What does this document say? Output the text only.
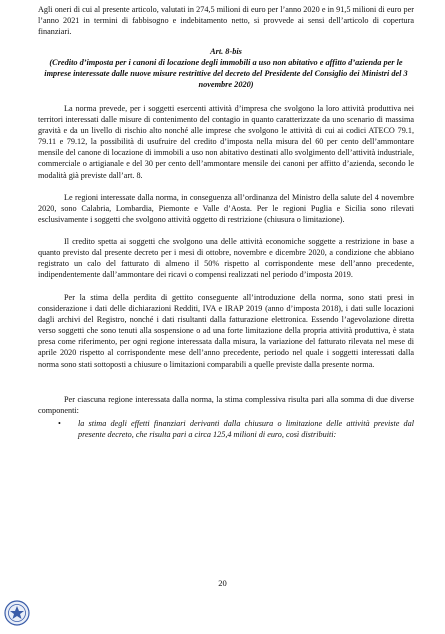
Agli oneri di cui al presente articolo, valutati in 274,5 milioni di euro per l’anno 2020 e in 91,5 milioni di euro per l’anno 2021 in termini di fabbisogno e indebitamento netto, si provvede ai sensi dell’articolo di copertura finanziari.

Art. 8-bis
(Credito d’imposta per i canoni di locazione degli immobili a uso non abitativo e affitto d’azienda per le imprese interessate dalle nuove misure restrittive del decreto del Presidente del Consiglio dei Ministri del 3 novembre 2020)

La norma prevede, per i soggetti esercenti attività d’impresa che svolgono la loro attività produttiva nei territori interessati dalle misure di contenimento del contagio in quanto caratterizzate da uno scenario di massima gravità e da un livello di rischio alto nonché alle imprese che svolgono le attività di cui ai codici ATECO 79.1, 79.11 e 79.12, la possibilità di usufruire del credito d’imposta nella misura del 60 per cento dell’ammontare mensile del canone di locazione di immobili a uso non abitativo destinati allo svolgimento dell’attività industriale, commerciale o artigianale e del 30 per cento dell’ammontare mensile dei canoni per affitto d’azienda, secondo le modalità già previste dall’art. 8.

Le regioni interessate dalla norma, in conseguenza all’ordinanza del Ministro della salute del 4 novembre 2020, sono Calabria, Lombardia, Piemonte e Valle d’Aosta. Per le regioni Puglia e Sicilia sono rilevati esclusivamente i soggetti che svolgono attività oggetto di restrizione (chiusura o limitazione).

Il credito spetta ai soggetti che svolgono una delle attività economiche soggette a restrizione in base a quanto previsto dal presente decreto per i mesi di ottobre, novembre e dicembre 2020, a condizione che abbiano registrato un calo del fatturato di almeno il 50% rispetto al corrispondente mese dell’anno precedente, indipendentemente dall’ammontare dei ricavi o compensi realizzati nel periodo d’imposta 2019.

Per la stima della perdita di gettito conseguente all’introduzione della norma, sono stati presi in considerazione i dati delle dichiarazioni Redditi, IVA e IRAP 2019 (anno d’imposta 2018), i dati sulle locazioni dagli archivi del Registro, nonché i dati risultanti dalla fatturazione elettronica. Essendo l’agevolazione diretta verso soggetti che sono tenuti alla sospensione o ad una forte limitazione della propria attività produttiva, è stata presa come riferimento, per ogni regione interessata dalla misura, la variazione del fatturato rilevata nel mese di aprile 2020 rispetto al corrispondente mese dell’anno precedente, periodo nel quale i soggetti interessati dalla norma sono stati sottoposti a chiusure o limitazioni comparabili a quelle previste dalla presente norma.

Per ciascuna regione interessata dalla norma, la stima complessiva risulta pari alla somma di due diverse componenti:

• la stima degli effetti finanziari derivanti dalla chiusura o limitazione delle attività previste dal presente decreto, che risulta pari a circa 125,4 milioni di euro, così distribuiti:
20
